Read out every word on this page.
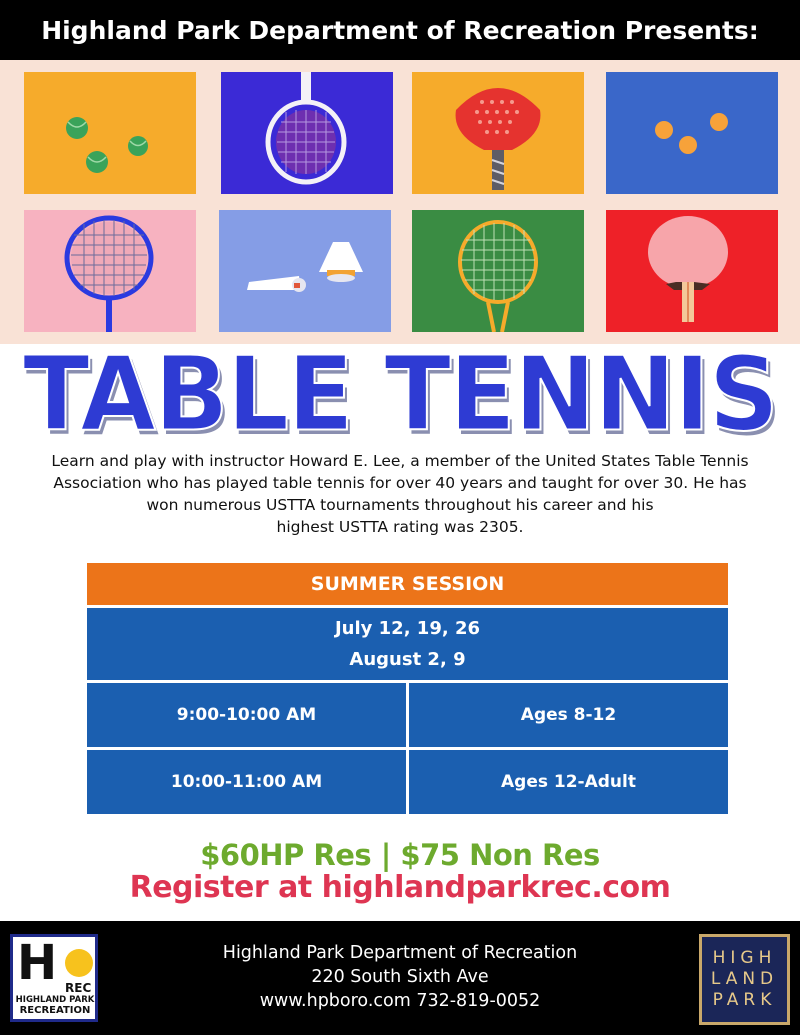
Highland Park Department of Recreation Presents:
TABLE TENNIS
Learn and play with instructor Howard E. Lee, a member of the United States Table Tennis
Association who has played table tennis for over 40 years and taught for over 30. He has
won numerous USTTA tournaments throughout his career and his
highest USTTA rating was 2305.
SUMMER SESSION
July 12, 19, 26
August 2, 9
9:00-10:00 AM	Ages 8-12
10:00-11:00 AM	Ages 12-Adult
$60HP Res | $75 Non Res
Register at highlandparkrec.com
H REC
HIGHLAND PARK
RECREATION
Highland Park Department of Recreation
220 South Sixth Ave
www.hpboro.com 732-819-0052
HIGH
LAND
PARK
